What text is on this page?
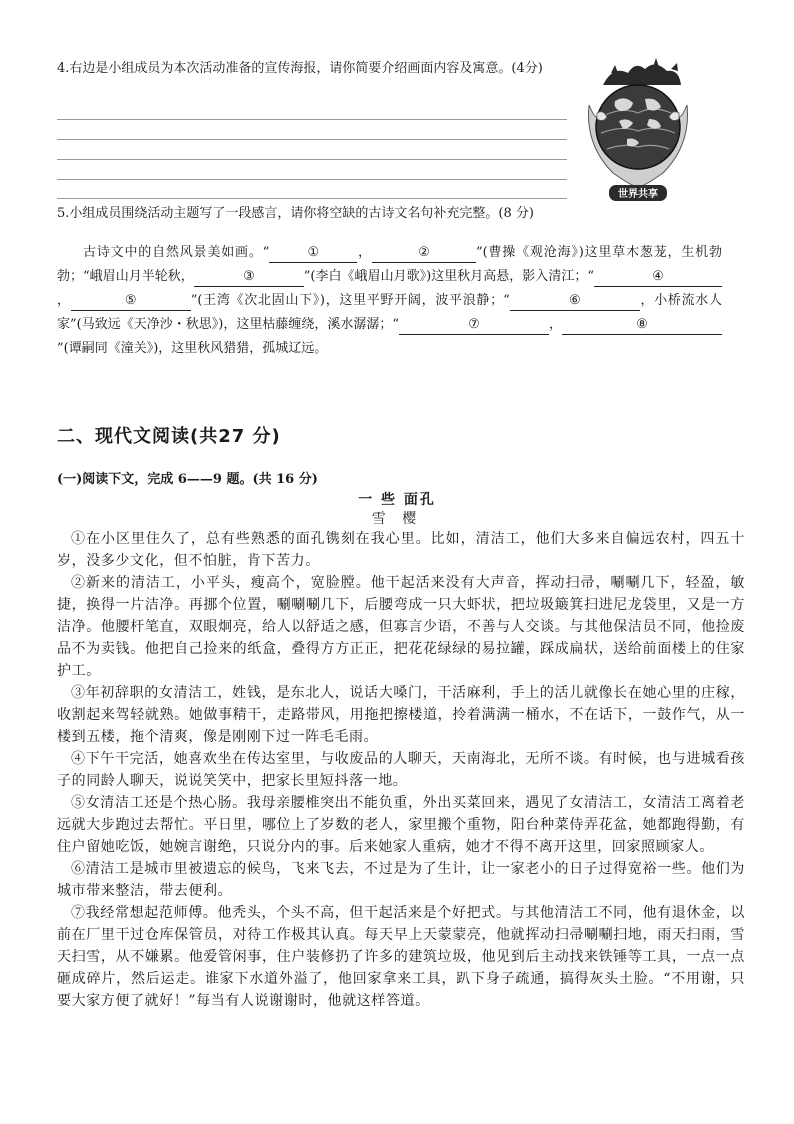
4.右边是小组成员为本次活动准备的宣传海报，请你简要介绍画面内容及寓意。(4分)
世界共享
5.小组成员围绕活动主题写了一段感言，请你将空缺的古诗文名句补充完整。(8 分)
古诗文中的自然风景美如画。“	①	，	②	”(曹操《观沧海》)这里草木葱茏，生机勃勃；“峨眉山月半轮秋，	③	”(李白《峨眉山月歌》)这里秋月高悬，影入清江；“	④，	⑤	”(王湾《次北固山下》)，这里平野开阔，波平浪静；“	⑥	，小桥流水人家”(马致远《天净沙・秋思》)，这里枯藤缠绕，溪水潺潺；“	⑦	，	⑧”(谭嗣同《潼关》)，这里秋风猎猎，孤城辽远。
二、现代文阅读(共27 分)
(一)阅读下文，完成 6——9 题。(共 16 分)
一 些 面孔
雪 樱

①在小区里住久了，总有些熟悉的面孔镌刻在我心里。比如，清洁工，他们大多来自偏远农村，四五十岁，没多少文化，但不怕脏，肯下苦力。

②新来的清洁工，小平头，瘦高个，宽脸膛。他干起活来没有大声音，挥动扫帚，唰唰几下，轻盈，敏捷，换得一片洁净。再挪个位置，唰唰唰几下，后腰弯成一只大虾状，把垃圾簸箕扫进尼龙袋里，又是一方洁净。他腰杆笔直，双眼炯亮，给人以舒适之感，但寡言少语，不善与人交谈。与其他保洁员不同，他捡废品不为卖钱。他把自己捡来的纸盒，叠得方方正正，把花花绿绿的易拉罐，踩成扁状，送给前面楼上的住家护工。

③年初辞职的女清洁工，姓钱，是东北人，说话大嗓门，干活麻利，手上的活儿就像长在她心里的庄稼，收割起来驾轻就熟。她做事精干，走路带风，用拖把擦楼道，拎着满满一桶水，不在话下，一鼓作气，从一楼到五楼，拖个清爽，像是刚刚下过一阵毛毛雨。

④下午干完活，她喜欢坐在传达室里，与收废品的人聊天，天南海北，无所不谈。有时候，也与进城看孩子的同龄人聊天，说说笑笑中，把家长里短抖落一地。

⑤女清洁工还是个热心肠。我母亲腰椎突出不能负重，外出买菜回来，遇见了女清洁工，女清洁工离着老远就大步跑过去帮忙。平日里，哪位上了岁数的老人，家里搬个重物，阳台种菜侍弄花盆，她都跑得勤，有住户留她吃饭，她婉言谢绝，只说分内的事。后来她家人重病，她才不得不离开这里，回家照顾家人。

⑥清洁工是城市里被遗忘的候鸟，飞来飞去，不过是为了生计，让一家老小的日子过得宽裕一些。他们为城市带来整洁，带去便利。

⑦我经常想起范师傅。他秃头，个头不高，但干起活来是个好把式。与其他清洁工不同，他有退休金，以前在厂里干过仓库保管员，对待工作极其认真。每天早上天蒙蒙亮，他就挥动扫帚唰唰扫地，雨天扫雨，雪天扫雪，从不嫌累。他爱管闲事，住户装修扔了许多的建筑垃圾，他见到后主动找来铁锤等工具，一点一点砸成碎片，然后运走。谁家下水道外溢了，他回家拿来工具，趴下身子疏通，搞得灰头土脸。“不用谢，只要大家方便了就好！”每当有人说谢谢时，他就这样答道。
